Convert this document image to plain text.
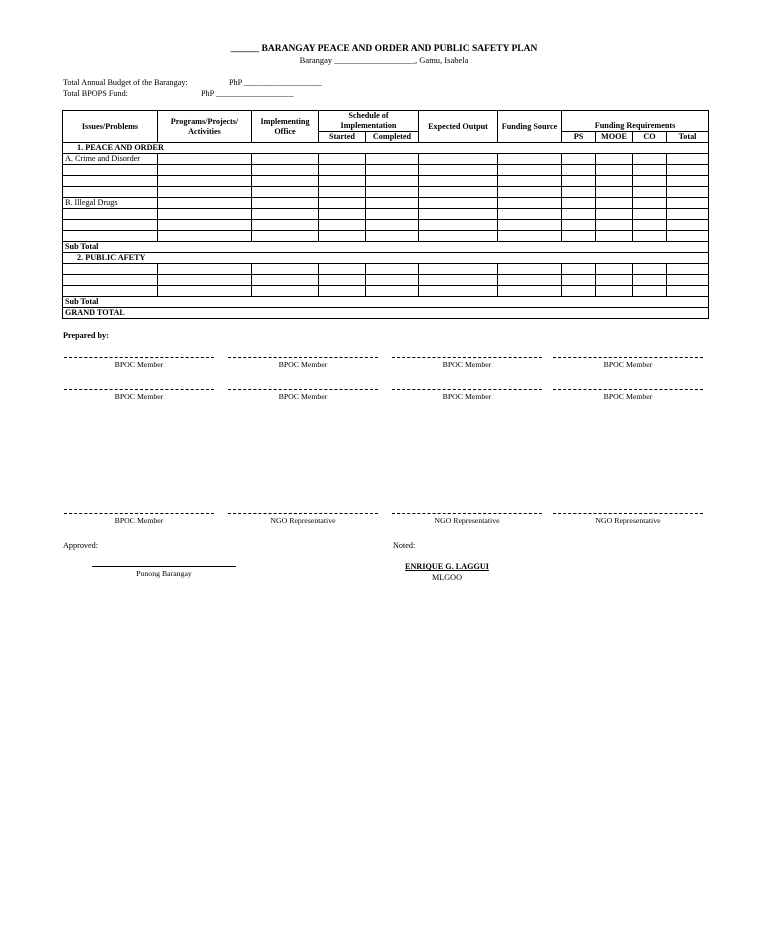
______ BARANGAY PEACE AND ORDER AND PUBLIC SAFETY PLAN
Barangay ___________________, Gamu, Isabela
Total Annual Budget of the Barangay:	PhP ___________________
Total BPOPS Fund:	PhP ___________________
Issues/Problems	Programs/Projects/ Activities	Implementing Office	Schedule of Implementation		Expected Output	Funding Source	Funding Requirements			
			Started	Completed			PS	MOOE	CO	Total
1. PEACE AND ORDER										
A. Crime and Disorder										

B. Illegal Drugs										

Sub Total										
2. PUBLIC AFETY										

Sub Total										
GRAND TOTAL										
Prepared by:
BPOC Member	BPOC Member	BPOC Member	BPOC Member
BPOC Member	BPOC Member	BPOC Member	BPOC Member
BPOC Member	NGO Representative	NGO Representative	NGO Representative
Approved:	Noted:
Punong Barangay
ENRIQUE G. LAGGUI
MLGOO
